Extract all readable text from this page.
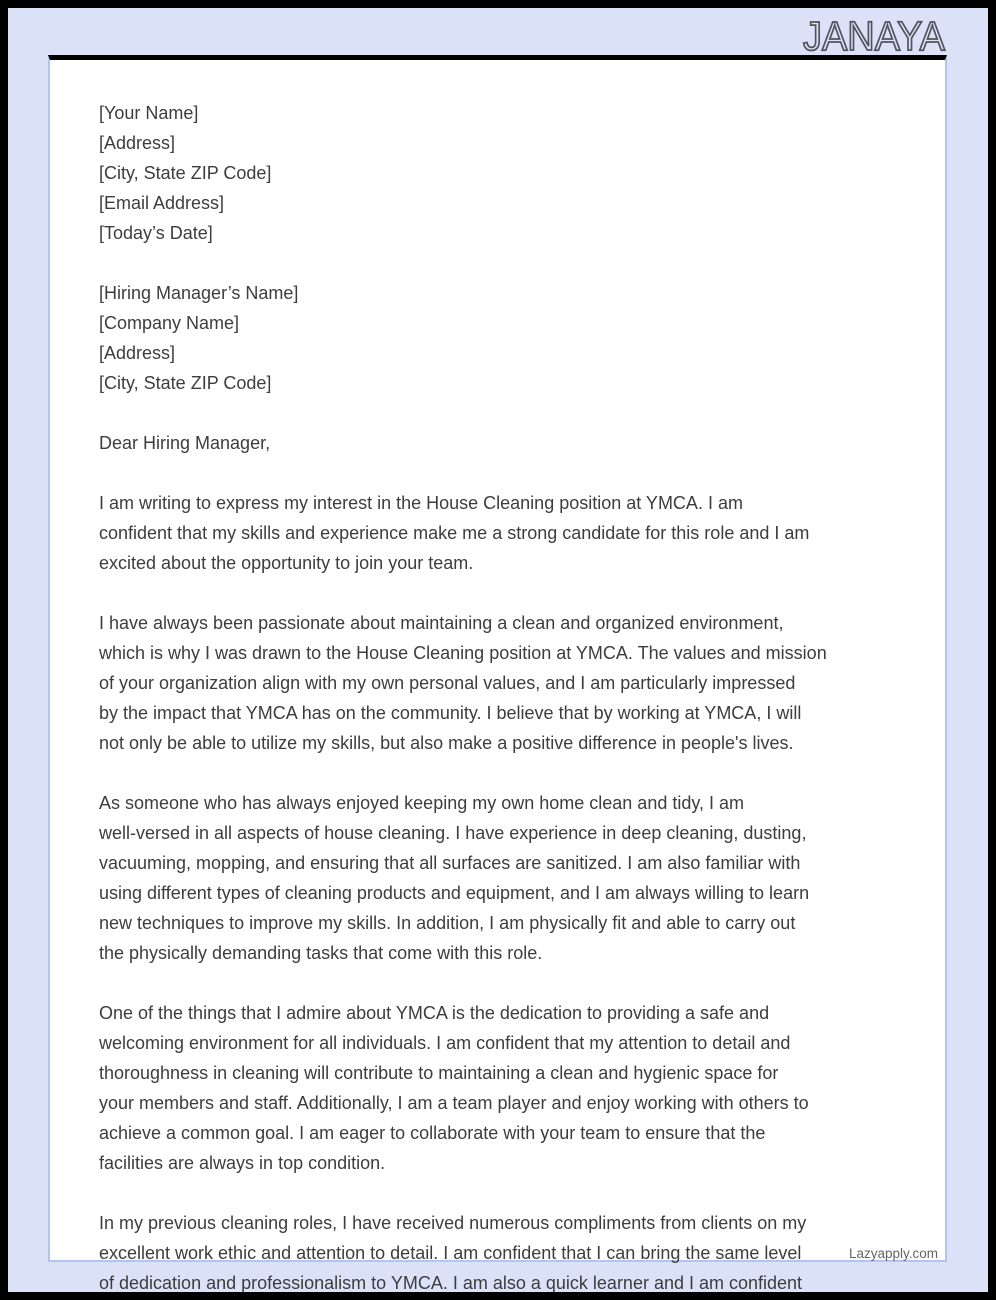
JANAYA
[Your Name]
[Address]
[City, State ZIP Code]
[Email Address]
[Today’s Date]
[Hiring Manager’s Name]
[Company Name]
[Address]
[City, State ZIP Code]
Dear Hiring Manager,
I am writing to express my interest in the House Cleaning position at YMCA. I am
confident that my skills and experience make me a strong candidate for this role and I am
excited about the opportunity to join your team.
I have always been passionate about maintaining a clean and organized environment,
which is why I was drawn to the House Cleaning position at YMCA. The values and mission
of your organization align with my own personal values, and I am particularly impressed
by the impact that YMCA has on the community. I believe that by working at YMCA, I will
not only be able to utilize my skills, but also make a positive difference in people's lives.
As someone who has always enjoyed keeping my own home clean and tidy, I am
well-versed in all aspects of house cleaning. I have experience in deep cleaning, dusting,
vacuuming, mopping, and ensuring that all surfaces are sanitized. I am also familiar with
using different types of cleaning products and equipment, and I am always willing to learn
new techniques to improve my skills. In addition, I am physically fit and able to carry out
the physically demanding tasks that come with this role.
One of the things that I admire about YMCA is the dedication to providing a safe and
welcoming environment for all individuals. I am confident that my attention to detail and
thoroughness in cleaning will contribute to maintaining a clean and hygienic space for
your members and staff. Additionally, I am a team player and enjoy working with others to
achieve a common goal. I am eager to collaborate with your team to ensure that the
facilities are always in top condition.
In my previous cleaning roles, I have received numerous compliments from clients on my
excellent work ethic and attention to detail. I am confident that I can bring the same level
of dedication and professionalism to YMCA. I am also a quick learner and I am confident
Lazyapply.com
